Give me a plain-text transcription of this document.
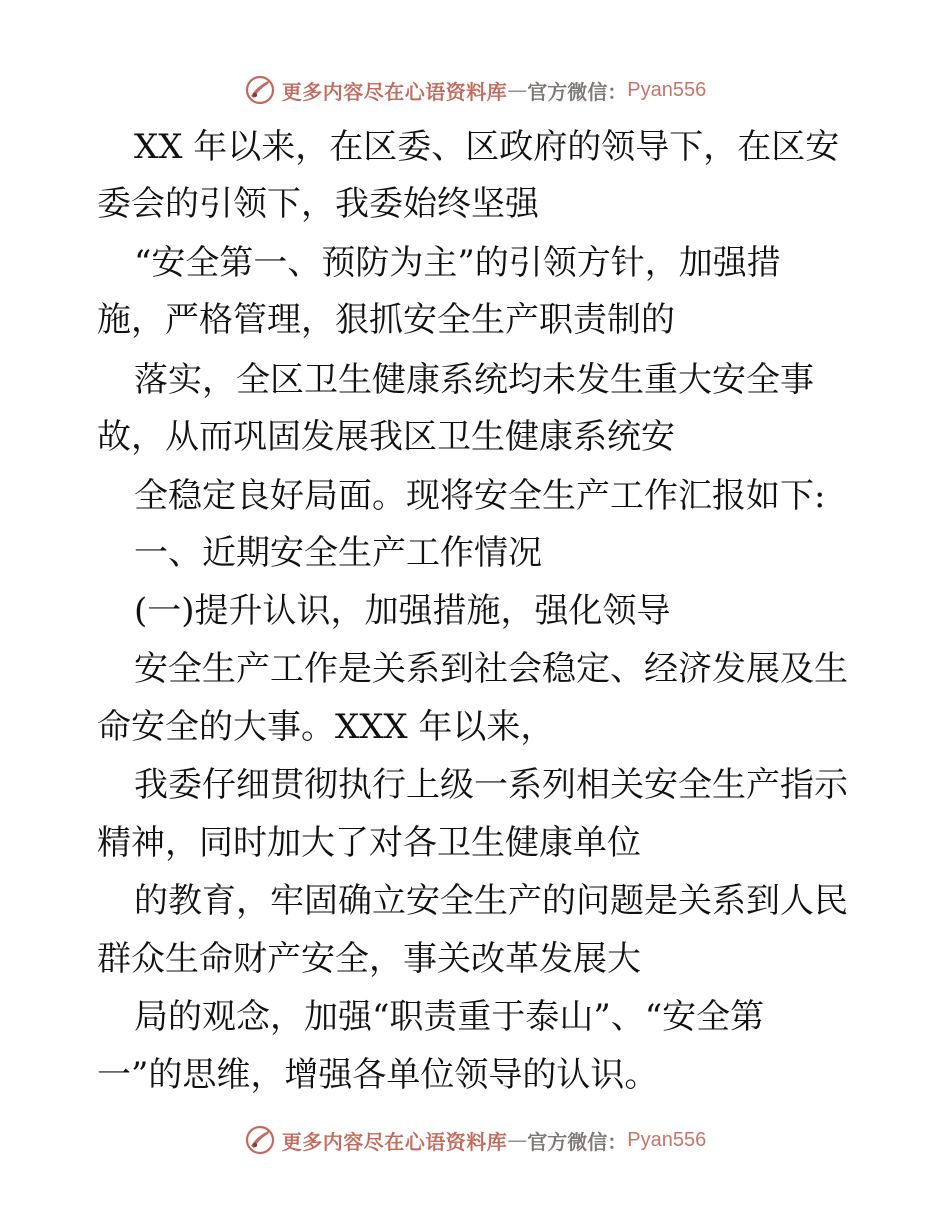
更多内容尽在心语资料库 — 官方微信： Pyan556
XX 年以来，在区委、区政府的领导下，在区安
委会的引领下，我委始终坚强
“安全第一、预防为主”的引领方针，加强措
施，严格管理，狠抓安全生产职责制的
落实，全区卫生健康系统均未发生重大安全事
故，从而巩固发展我区卫生健康系统安
全稳定良好局面。现将安全生产工作汇报如下:
一、近期安全生产工作情况
(一)提升认识，加强措施，强化领导
安全生产工作是关系到社会稳定、经济发展及生
命安全的大事。XXX 年以来，
我委仔细贯彻执行上级一系列相关安全生产指示
精神，同时加大了对各卫生健康单位
的教育，牢固确立安全生产的问题是关系到人民
群众生命财产安全，事关改革发展大
局的观念，加强“职责重于泰山”、“安全第
一”的思维，增强各单位领导的认识。
更多内容尽在心语资料库 — 官方微信： Pyan556
